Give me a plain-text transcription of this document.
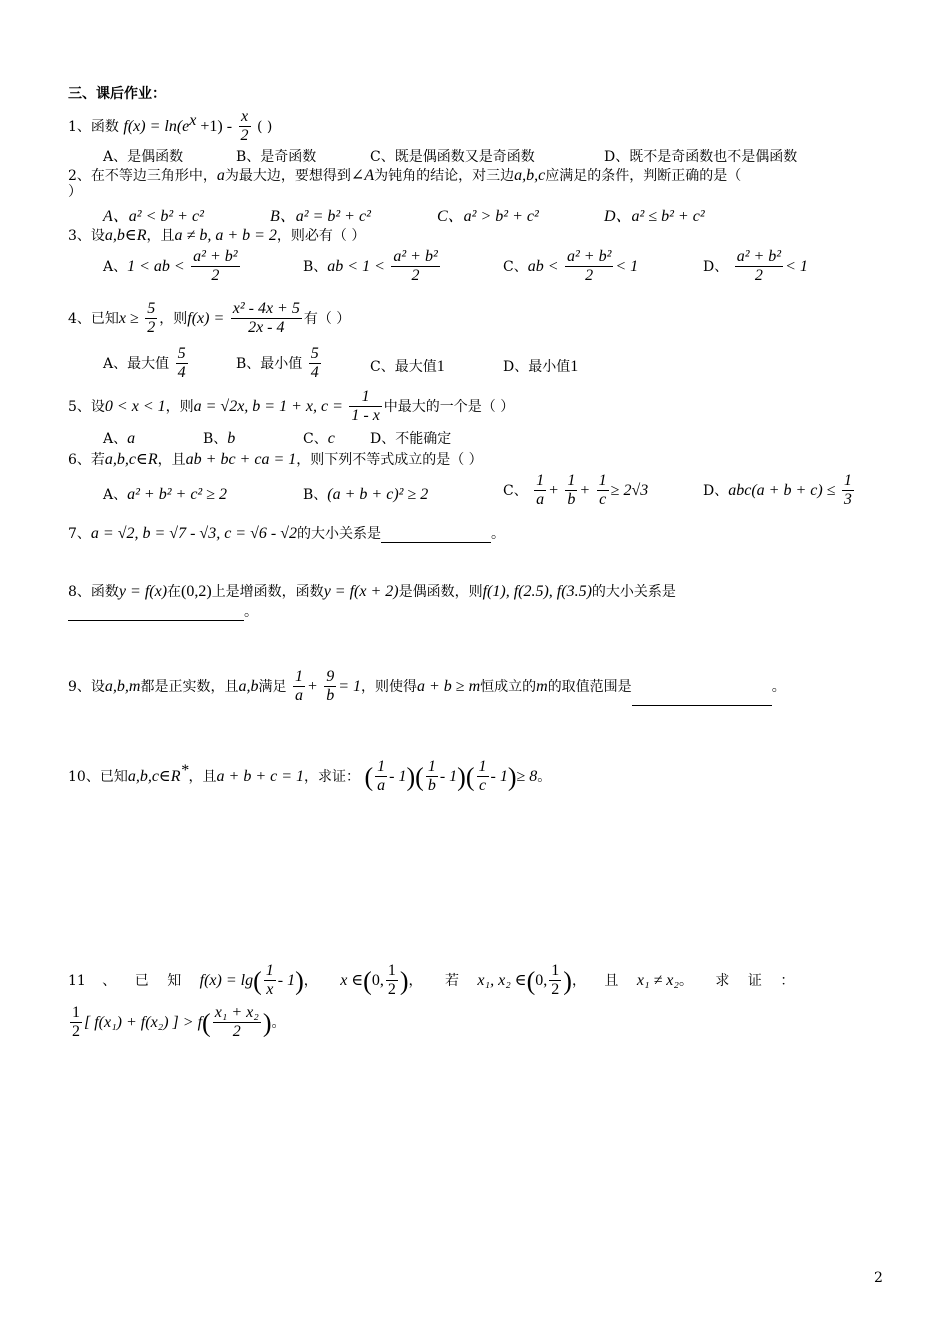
三、课后作业：
1、函数 $f(x) = \ln(e^x +1) - \frac{x}{2}$ ( )
A、是偶函数	B、是奇函数	C、既是偶函数又是奇函数	D、既不是奇函数也不是偶函数
2、在不等边三角形中，a为最大边，要想得到∠A为钝角的结论，对三边a,b,c应满足的条件，判断正确的是（
）
A、a² < b² + c²	B、a² = b² + c²	C、a² > b² + c²	D、a² ≤ b² + c²
3、设a,b∈R，且a ≠ b, a + b = 2，则必有（ ）
A、1 < ab < $\frac{\text{a² + b²}}{2}$	B、ab < $1 < \frac{\text{a² + b²}}{2}$	C、ab < $\frac{\text{a² + b²}}{2} < 1$	D、 $\frac{\text{a² + b²}}{2} < 1$
4、已知$x \ge \frac{5}{2}$ ，则$f(x) = \frac{\text{x² - 4x + 5}}{2x - 4}$ 有（ ）
A、最大值 $\frac{5}{4}$	B、最小值 $\frac{5}{4}$	C、最大值1	D、最小值1
5、设0 < x < 1，则a = √2x, b = 1 + x, $c = \frac{1}{1 - x}$ 中最大的一个是（ ）
A、a	B、b	C、c	D、不能确定
6、若a,b,c∈R，且ab + bc + ca = 1，则下列不等式成立的是（ ）
A、a² + b² + c² ≥ 2	B、(a + b + c)² ≥ 2	C、 $\frac{1}{a} + \frac{1}{b} + \frac{1}{c} \ge 2√3$	D、$abc(a + b + c) \le \frac{1}{3}$
7、a = √2, b = √7 - √3, c = √6 - √2的大小关系是	。
8、函数y = f(x)在(0,2)上是增函数，函数y = f(x + 2)是偶函数，则f(1), f(2.5), f(3.5)的大小关系是
。
9、设a,b,m都是正实数，且a,b满足 $\frac{1}{a} + \frac{9}{b} = 1$，则使得a + b ≥ m恒成立的m的取值范围是	。
10、已知a,b,c∈R*，且a + b + c = 1，求证： ( $\frac{1}{a} - 1)( \frac{1}{b} - 1)( \frac{1}{c} - 1)\ge 8$。
11 、 已 知 $f(x) = \lg( \frac{1}{x} - 1)$， x ∈(0, $\frac{1}{2}$ )， 若 x₁, x₂ ∈(0, $\frac{1}{2}$ )， 且 x₁ ≠ x₂。 求 证 ：
$\frac{1}{2}$ [ f(x₁) + f(x₂) ] > $f( \frac{\text{x₁ + x₂}}{2}$ )。
2
